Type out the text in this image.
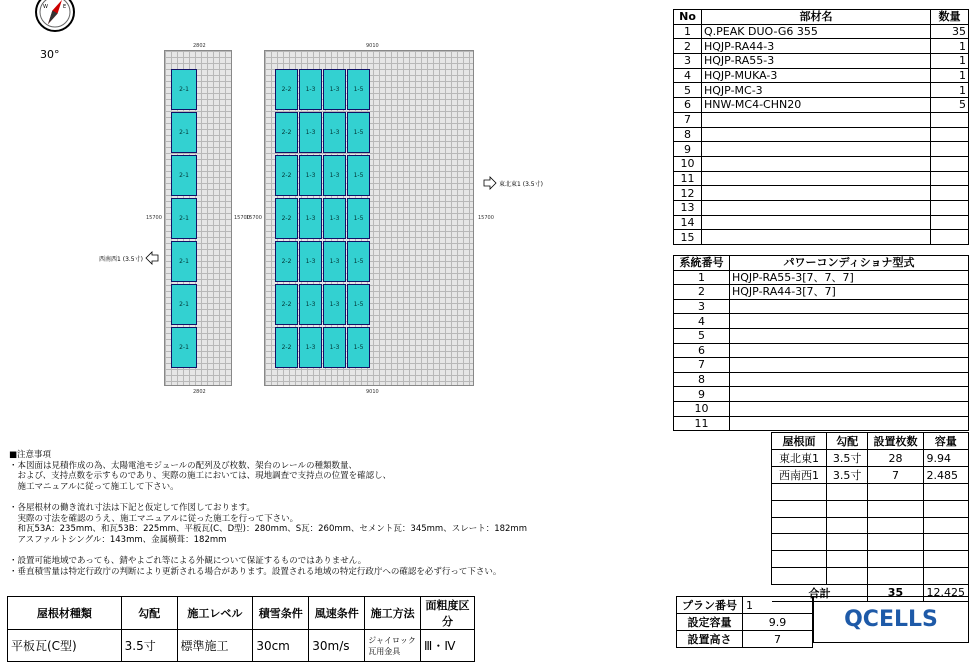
W	E
30°
2802
2-1
2-1
2-1
2-1
2-1
2-1
2-1
2802
15700	15700
9010
2-2	1-3	1-3	1-5
2-2	1-3	1-3	1-5
2-2	1-3	1-3	1-5
2-2	1-3	1-3	1-5
2-2	1-3	1-3	1-5
2-2	1-3	1-3	1-5
2-2	1-3	1-3	1-5
9010
15700	15700
東北東1 (3.5寸)
西南西1 (3.5寸)
No	部材名	数量
1	Q.PEAK DUO-G6 355	35
2	HQJP-RA44-3	1
3	HQJP-RA55-3	1
4	HQJP-MUKA-3	1
5	HQJP-MC-3	1
6	HNW-MC4-CHN20	5
7		
8		
9		
10		
11		
12		
13		
14		
15		
系統番号	パワーコンディショナ型式
1	HQJP-RA55-3[7、7、7]
2	HQJP-RA44-3[7、7]
3	
4	
5	
6	
7	
8	
9	
10	
11	
屋根面	勾配	設置枚数	容量
東北東1	3.5寸	28	9.94
西南西1	3.5寸	7	2.485

合計		35	12.425
■注意事項
・本図面は見積作成の為、太陽電池モジュールの配列及び枚数、架台のレールの種類数量、
　および、支持点数を示すものであり、実際の施工においては、現地調査で支持点の位置を確認し、
　施工マニュアルに従って施工して下さい。
・各屋根材の働き流れ寸法は下記と仮定して作図しております。
　実際の寸法を確認のうえ、施工マニュアルに従った施工を行って下さい。
　和瓦53A：235mm、和瓦53B：225mm、平板瓦(C、D型)：280mm、S瓦：260mm、セメント瓦：345mm、スレート：182mm
　アスファルトシングル：143mm、金属横葺：182mm
・設置可能地域であっても、錆やよごれ等による外観について保証するものではありません。
・垂直積雪量は特定行政庁の判断により更新される場合があります。設置される地域の特定行政庁への確認を必ず行って下さい。
屋根材種類	勾配	施工レベル	積雪条件	風速条件	施工方法	面粗度区分
平板瓦(C型)	3.5寸	標準施工	30cm	30m/s	ジャイロック瓦用金具	Ⅲ・Ⅳ
プラン番号	1
設定容量	9.9
設置高さ	7
QCELLS
